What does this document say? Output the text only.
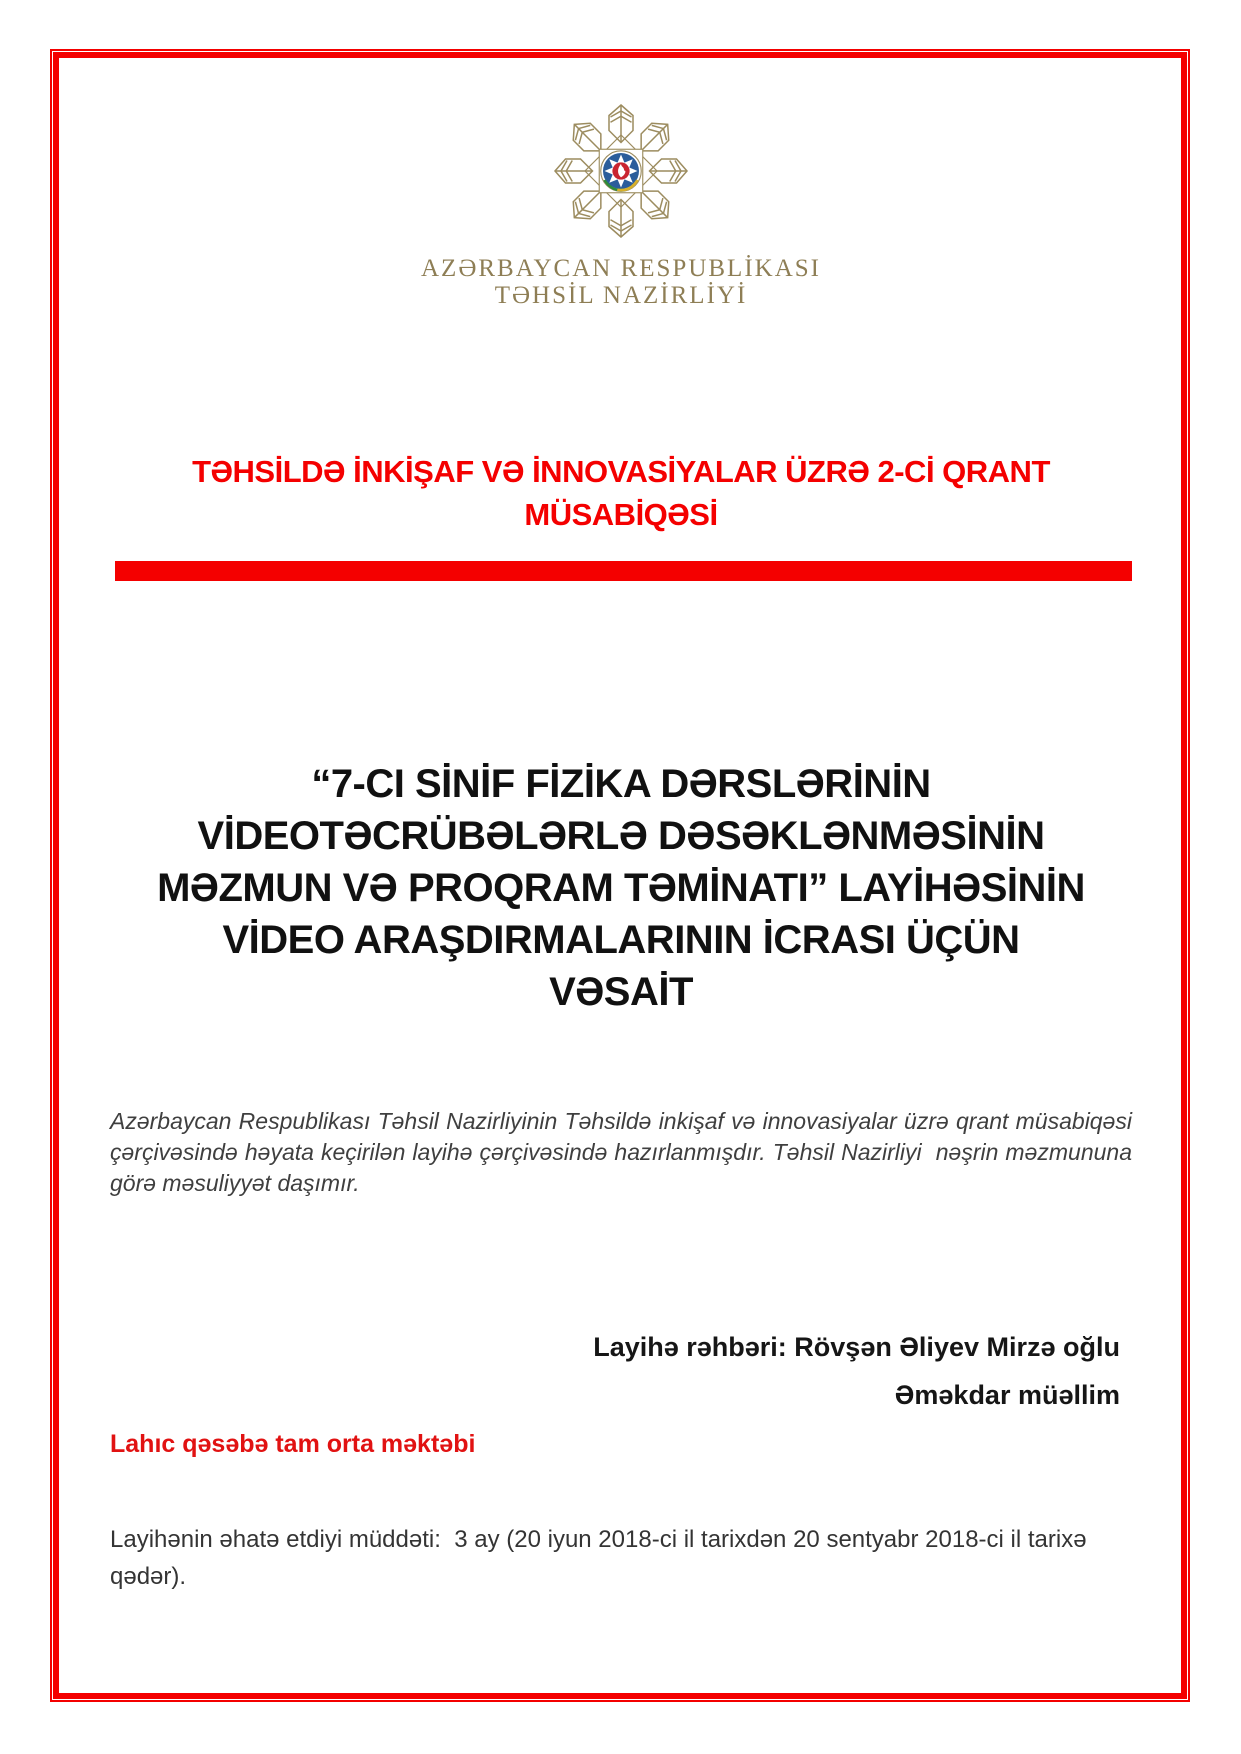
AZƏRBAYCAN RESPUBLİKASI
TƏHSİL NAZİRLİYİ
TƏHSİLDƏ İNKİŞAF VƏ İNNOVASİYALAR ÜZRƏ 2-Cİ QRANT
MÜSABİQƏSİ
“7-CI SİNİF FİZİKA DƏRSLƏRİNİN
VİDEOTƏCRÜBƏLƏRLƏ DƏSƏKLƏNMƏSİNİN
MƏZMUN VƏ PROQRAM TƏMİNATI” LAYİHƏSİNİN
VİDEO ARAŞDIRMALARININ İCRASI ÜÇÜN
VƏSAİT

Azərbaycan Respublikası Təhsil Nazirliyinin Təhsildə inkişaf və innovasiyalar üzrə qrant müsabiqəsi çərçivəsində həyata keçirilən layihə çərçivəsində hazırlanmışdır. Təhsil Nazirliyi  nəşrin məzmununa görə məsuliyyət daşımır.

Layihə rəhbəri: Rövşən Əliyev Mirzə oğlu
Əməkdar müəllim
Lahıc qəsəbə tam orta məktəbi

Layihənin əhatə etdiyi müddəti:  3 ay (20 iyun 2018-ci il tarixdən 20 sentyabr 2018-ci il tarixə qədər).
